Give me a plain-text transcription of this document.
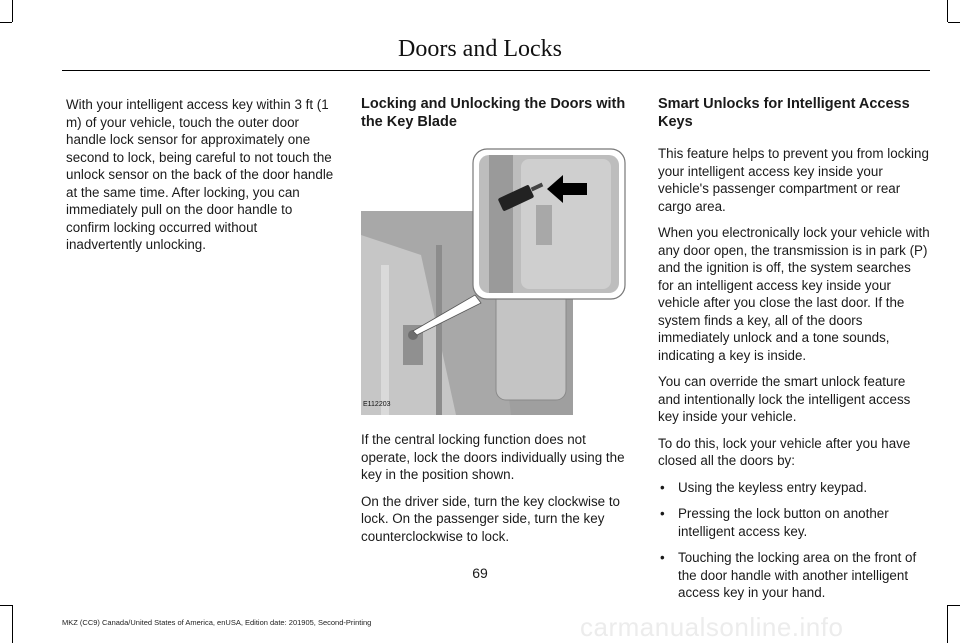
Doors and Locks

With your intelligent access key within 3 ft (1 m) of your vehicle, touch the outer door handle lock sensor for approximately one second to lock, being careful to not touch the unlock sensor on the back of the door handle at the same time. After locking, you can immediately pull on the door handle to confirm locking occurred without inadvertently unlocking.

Locking and Unlocking the Doors with the Key Blade
E112203

If the central locking function does not operate, lock the doors individually using the key in the position shown.

On the driver side, turn the key clockwise to lock. On the passenger side, turn the key counterclockwise to lock.

Smart Unlocks for Intelligent Access Keys

This feature helps to prevent you from locking your intelligent access key inside your vehicle's passenger compartment or rear cargo area.

When you electronically lock your vehicle with any door open, the transmission is in park (P) and the ignition is off, the system searches for an intelligent access key inside your vehicle after you close the last door. If the system finds a key, all of the doors immediately unlock and a tone sounds, indicating a key is inside.

You can override the smart unlock feature and intentionally lock the intelligent access key inside your vehicle.

To do this, lock your vehicle after you have closed all the doors by:

• Using the keyless entry keypad.
• Pressing the lock button on another intelligent access key.
• Touching the locking area on the front of the door handle with another intelligent access key in your hand.
69
MKZ (CC9) Canada/United States of America, enUSA, Edition date: 201905, Second-Printing	carmanualsonline.info
